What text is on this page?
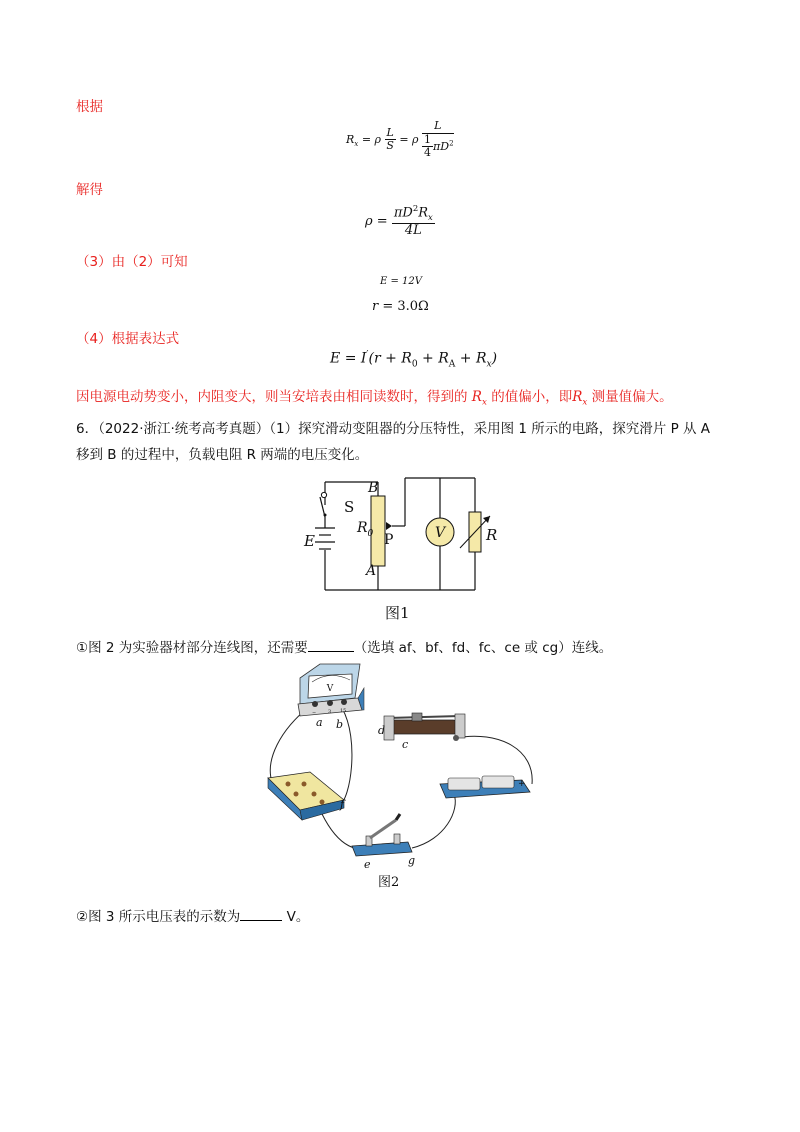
根据
$R_x = \rho \frac{L}{S} = \rho \frac{L}{\frac{1}{4} \pi D^2}$
解得
$\rho = \frac{\pi D^2R_x}{4L}$
（3）由（2）可知
E = 12V
r = 3.0Ω
（4）根据表达式
$E = I'(r + R_0 + R_A + R_x)$
因电源电动势变小，内阻变大，则当安培表由相同读数时，得到的 $R_x$ 的值偏小，即$R_x$ 测量值偏大。
6．（2022·浙江·统考高考真题）（1）探究滑动变阻器的分压特性，采用图 1 所示的电路，探究滑片 P 从 A
移到 B 的过程中，负载电阻 R 两端的电压变化。
V
S
B
$R_0$ P
E
A
R
图1
①图 2 为实验器材部分连线图，还需要	（选填 af、bf、fd、fc、ce 或 cg）连线。
V
− 3 15
a b	d
c
+
f
e	g
图2
②图 3 所示电压表的示数为	V。
